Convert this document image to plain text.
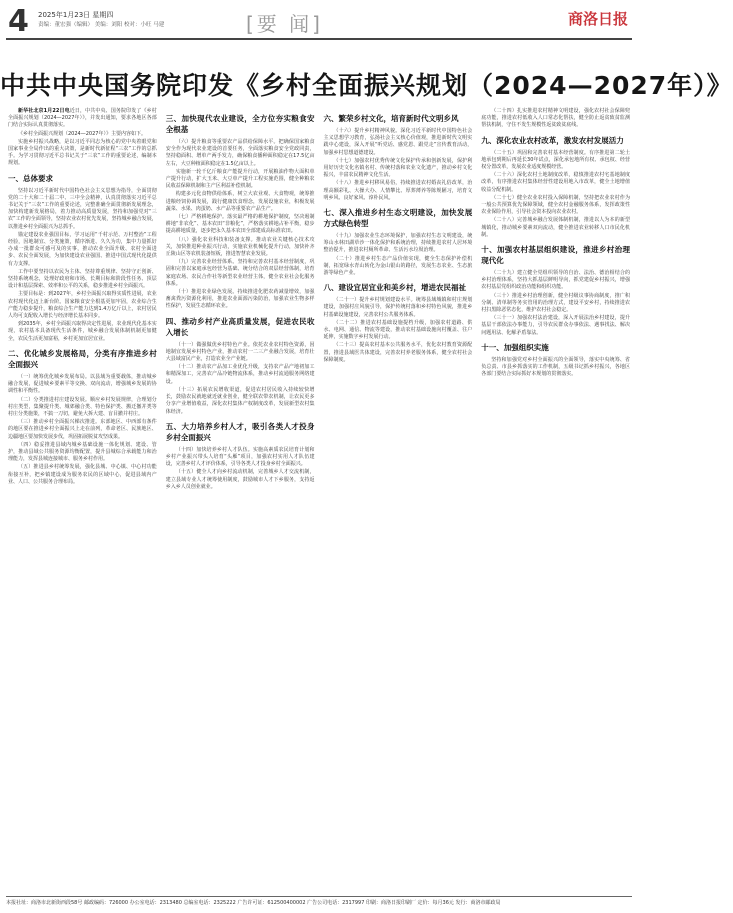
4 2025年1月23日 星期四
责编：董宏强（编辑） 美编：刘阳 校对：小旺 马建	[要 闻]	商洛日报
中共中央国务院印发《乡村全面振兴规划（2024—2027年）》

新华社北京1月22日电近日，中共中央、国务院印发了《乡村全面振兴规划（2024—2027年）》，并发出通知，要求各地区各部门结合实际认真贯彻落实。

《乡村全面振兴规划（2024—2027年）》主要内容如下。

实施乡村振兴战略，是以习近平同志为核心的党中央着眼党和国家事业全局作出的重大决策，是新时代新征程“三农”工作的总抓手。为学习贯彻习近平总书记关于“三农”工作的重要论述，编制本规划。

一、总体要求

坚持以习近平新时代中国特色社会主义思想为指导，全面贯彻党的二十大和二十届二中、三中全会精神，认真贯彻落实习近平总书记关于“三农”工作的重要论述，完整准确全面贯彻新发展理念，加快构建新发展格局，着力推动高质量发展，坚持和加强党对“三农”工作的全面领导，坚持农业农村优先发展，坚持城乡融合发展，以推进乡村全面振兴为总抓手。

锚定建设农业强国目标，学习运用“千村示范、万村整治”工程经验，因地制宜、分类施策，循序渐进、久久为功，集中力量抓好办成一批群众可感可及的实事，推动农业全面升级、农村全面进步、农民全面发展，为加快建设农业强国、推进中国式现代化提供有力支撑。

工作中要坚持以农民为主体、坚持尊重规律、坚持守正创新、坚持系统观念，处理好政府和市场、长期目标和阶段性任务、顶层设计和基层探索、效率和公平的关系，稳步推进乡村全面振兴。

主要目标是：到2027年，乡村全面振兴取得实质性进展，农业农村现代化迈上新台阶。国家粮食安全根基更加牢固，农业综合生产能力稳步提升，粮食综合生产能力达到1.4万亿斤以上，农村居民人均可支配收入增长与经济增长基本同步。

到2035年，乡村全面振兴取得决定性进展，农业现代化基本实现，农村基本具备现代生活条件，城乡融合发展体制机制更加健全，农民生活更加富裕，乡村更加宜居宜业。

二、优化城乡发展格局，分类有序推进乡村全面振兴

（一）统筹优化城乡发展布局。以县域为重要载体，推动城乡融合发展，促进城乡要素平等交换、双向流动，增强城乡发展的协调性和平衡性。

（二）分类推进村庄建设发展。顺应乡村发展规律，合理划分村庄类型，集聚提升类、城郊融合类、特色保护类、搬迁撤并类等村庄分类施策，不搞一刀切，避免大拆大建、盲目撤并村庄。

（三）推动乡村全面振兴梯次推进。东部地区、中西部有条件的地区要在推进乡村全面振兴上走在前列，革命老区、民族地区、边疆地区要加快发展步伐，巩固拓展脱贫攻坚成果。

（四）稳妥推进县域内城乡基础设施一体化规划、建设、管护，推动县域公共服务资源均衡配置，提升县城综合承载能力和治理能力，发挥县城连接城市、服务乡村作用。

（五）推进县乡村统筹发展，强化县城、中心镇、中心村功能衔接互补，把乡镇建设成为服务农民的区域中心，促进县域内产业、人口、公共服务合理布局。

三、加快现代农业建设，全方位夯实粮食安全根基

（六）提升粮食等重要农产品供给保障水平。把确保国家粮食安全作为现代农业建设的首要任务，全面落实粮食安全党政同责，坚持稳面积、增单产两手发力，确保粮食播种面积稳定在17.5亿亩左右，大豆种植面积稳定在1.5亿亩以上。

实施新一轮千亿斤粮食产能提升行动，开展粮油作物大面积单产提升行动，扩大玉米、大豆单产提升工程实施范围，健全种粮农民收益保障机制和主产区利益补偿机制。

构建多元化食物供给体系，树立大农业观、大食物观，统筹推进粮经饲协调发展，践行健康饮食理念，发展设施农业，积极发展蔬菜、水果、肉蛋奶、水产品等重要农产品生产。

（七）严格耕地保护。落实最严格的耕地保护制度，坚决遏制耕地“非农化”、基本农田“非粮化”，严格落实耕地占补平衡，稳步提高耕地质量，逐步把永久基本农田全部建成高标准农田。

（八）强化农业科技和装备支撑。推动农业关键核心技术攻关，加快推进种业振兴行动，实施农业机械化提升行动，加快补齐丘陵山区等农机装备短板，推进智慧农业发展。

（九）完善农业经营体系。坚持和完善农村基本经营制度，巩固和完善以家庭承包经营为基础、统分结合的双层经营体制，培育家庭农场、农民合作社等新型农业经营主体，健全农业社会化服务体系。

（十）推进农业绿色发展。持续推进化肥农药减量增效，加强畜禽粪污资源化利用，推进农业面源污染防治，加强农业生物多样性保护，发展生态循环农业。

四、推动乡村产业高质量发展，促进农民收入增长

（十一）做强做优乡村特色产业。依托农业农村特色资源，因地制宜发展乡村特色产业，推动农村一二三产业融合发展，培育壮大县域富民产业，打造农业全产业链。

（十二）推动农产品加工业优化升级，支持农产品产地初加工和精深加工，完善农产品冷链物流体系，推动乡村流通服务网络建设。

（十三）拓展农民增收渠道，促进农村居民收入持续较快增长，鼓励农民就地就近就业创业，健全联农带农机制，让农民更多分享产业增值收益，深化农村集体产权制度改革，发展新型农村集体经济。

五、大力培养乡村人才，吸引各类人才投身乡村全面振兴

（十四）加快培养乡村人才队伍。实施高素质农民培育计划和乡村产业振兴带头人培育“头雁”项目，加强农村实用人才队伍建设，完善乡村人才评价体系，引导各类人才投身乡村全面振兴。

（十五）健全人才向乡村流动机制，完善城乡人才交流机制，建立县域专业人才统筹使用制度，鼓励城市人才下乡服务，支持返乡入乡人员创业就业。

六、繁荣乡村文化，培育新时代文明乡风

（十六）提升乡村精神风貌。深化习近平新时代中国特色社会主义思想学习教育，弘扬社会主义核心价值观，推进新时代文明实践中心建设，深入开展“听党话、感党恩、跟党走”宣传教育活动，加强乡村思想道德建设。

（十七）加强农村优秀传统文化保护传承和创新发展，保护利用好历史文化名镇名村、传统村落和农业文化遗产，推动乡村文化振兴，丰富农民精神文化生活。

（十八）推进乡村移风易俗，持续推进农村婚丧礼俗改革，治理高额彩礼、大操大办、人情攀比、厚葬薄养等陈规陋习，培育文明乡风、良好家风、淳朴民风。

七、深入推进乡村生态文明建设，加快发展方式绿色转型

（十九）加强农业生态环境保护，加强农村生态文明建设，统筹山水林田湖草沙一体化保护和系统治理，持续推进农村人居环境整治提升，推进农村厕所革命、生活污水垃圾治理。

（二十）推进乡村生态产品价值实现，健全生态保护补偿机制，拓宽绿水青山转化为金山银山的路径，发展生态农业、生态旅游等绿色产业。

八、建设宜居宜业和美乡村，增进农民福祉

（二十一）提升乡村规划建设水平。统筹县域城镇和村庄规划建设，加强村庄风貌引导，保护传统村落和乡村特色风貌，推进乡村基础设施建设，完善农村公共服务体系。

（二十二）推进农村基础设施提档升级，加强农村道路、供水、电网、通信、物流等建设，推动农村基础设施向村覆盖、往户延伸，实施数字乡村发展行动。

（二十三）提高农村基本公共服务水平，优化农村教育资源配置，推进县域医共体建设，完善农村养老服务体系，健全农村社会保障制度。

（二十四）扎实推进农村精神文明建设，强化农村社会保障兜底功能，推进农村低收入人口常态化帮扶，健全防止返贫致贫监测帮扶机制，守住不发生规模性返贫致贫底线。

九、深化农业农村改革，激发农村发展活力

（二十五）巩固和完善农村基本经营制度。有序推进第二轮土地承包到期后再延长30年试点，深化承包地所有权、承包权、经营权分置改革，发展农业适度规模经营。

（二十六）深化农村土地制度改革，稳慎推进农村宅基地制度改革，有序推进农村集体经营性建设用地入市改革，健全土地增值收益分配机制。

（二十七）健全农业农村投入保障机制，坚持把农业农村作为一般公共预算优先保障领域，健全农村金融服务体系，发挥政策性农业保险作用，引导社会资本投向农业农村。

（二十八）完善城乡融合发展体制机制，推进以人为本的新型城镇化，推动城乡要素双向流动，健全推进农业转移人口市民化机制。

十、加强农村基层组织建设，推进乡村治理现代化

（二十九）建立健全党组织领导的自治、法治、德治相结合的乡村治理体系，坚持大抓基层鲜明导向，抓党建促乡村振兴，增强农村基层党组织政治功能和组织功能。

（三十）推进乡村治理创新，健全村级议事协商制度，推广积分制、清单制等务实管用的治理方式，建设平安乡村，持续推进农村扫黑除恶常态化，维护农村社会稳定。

（三十一）加强农村法治建设，深入开展法治乡村建设，提升基层干部依法办事能力，引导农民群众办事依法、遇事找法、解决问题用法、化解矛盾靠法。

十一、加强组织实施

坚持和加强党对乡村全面振兴的全面领导，落实中央统筹、省负总责、市县乡抓落实的工作机制，五级书记抓乡村振兴，各地区各部门要结合实际抓好本规划的贯彻落实。

本报社址：商洛市北新街西段58号 邮政编码：726000 办公室电话：2313480 总编室电话：2325222 广告许可证：612500400002 广告公司电话：2317997 印刷：商洛日报印刷厂 定价：每月36元 发行：商洛市邮政局
